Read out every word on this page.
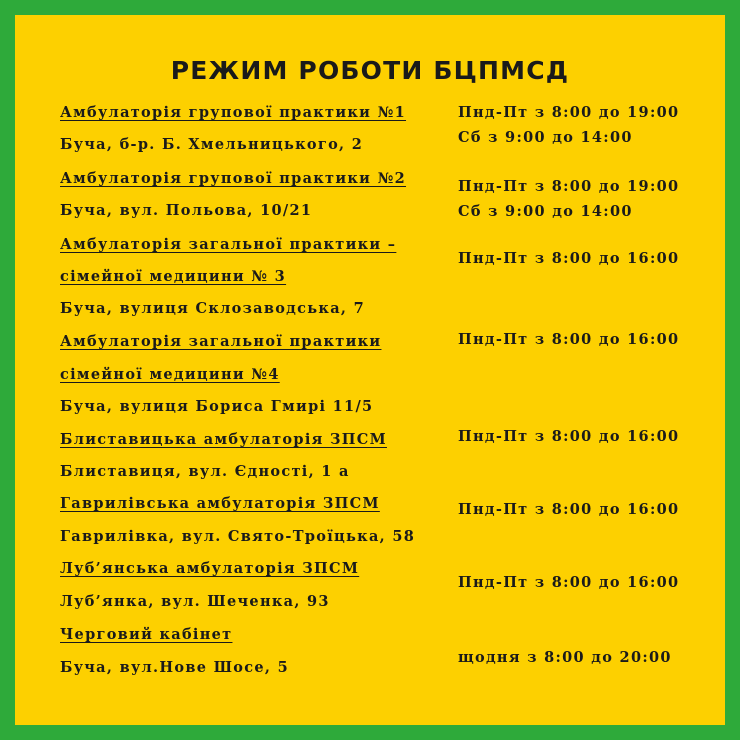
РЕЖИМ РОБОТИ БЦПМСД
Амбулаторія групової практики №1
Буча, б-р. Б. Хмельницького, 2
Пнд-Пт з 8:00 до 19:00
Сб з 9:00 до 14:00
Амбулаторія групової практики №2
Буча, вул. Польова, 10/21
Пнд-Пт з 8:00 до 19:00
Сб з 9:00 до 14:00
Амбулаторія загальної практики –
сімейної медицини № 3
Буча, вулиця Склозаводська, 7
Пнд-Пт з 8:00 до 16:00
Амбулаторія загальної практики
сімейної медицини №4
Буча, вулиця Бориса Гмирі 11/5
Пнд-Пт з 8:00 до 16:00
Блиставицька амбулаторія ЗПСМ
Блиставиця, вул. Єдності, 1 а
Пнд-Пт з 8:00 до 16:00
Гаврилівська амбулаторія ЗПСМ
Гаврилівка, вул. Свято-Троїцька, 58
Пнд-Пт з 8:00 до 16:00
Луб’янська амбулаторія ЗПСМ
Луб’янка, вул. Шеченка, 93
Пнд-Пт з 8:00 до 16:00
Черговий кабінет
Буча, вул.Нове Шосе, 5
щодня з 8:00 до 20:00
